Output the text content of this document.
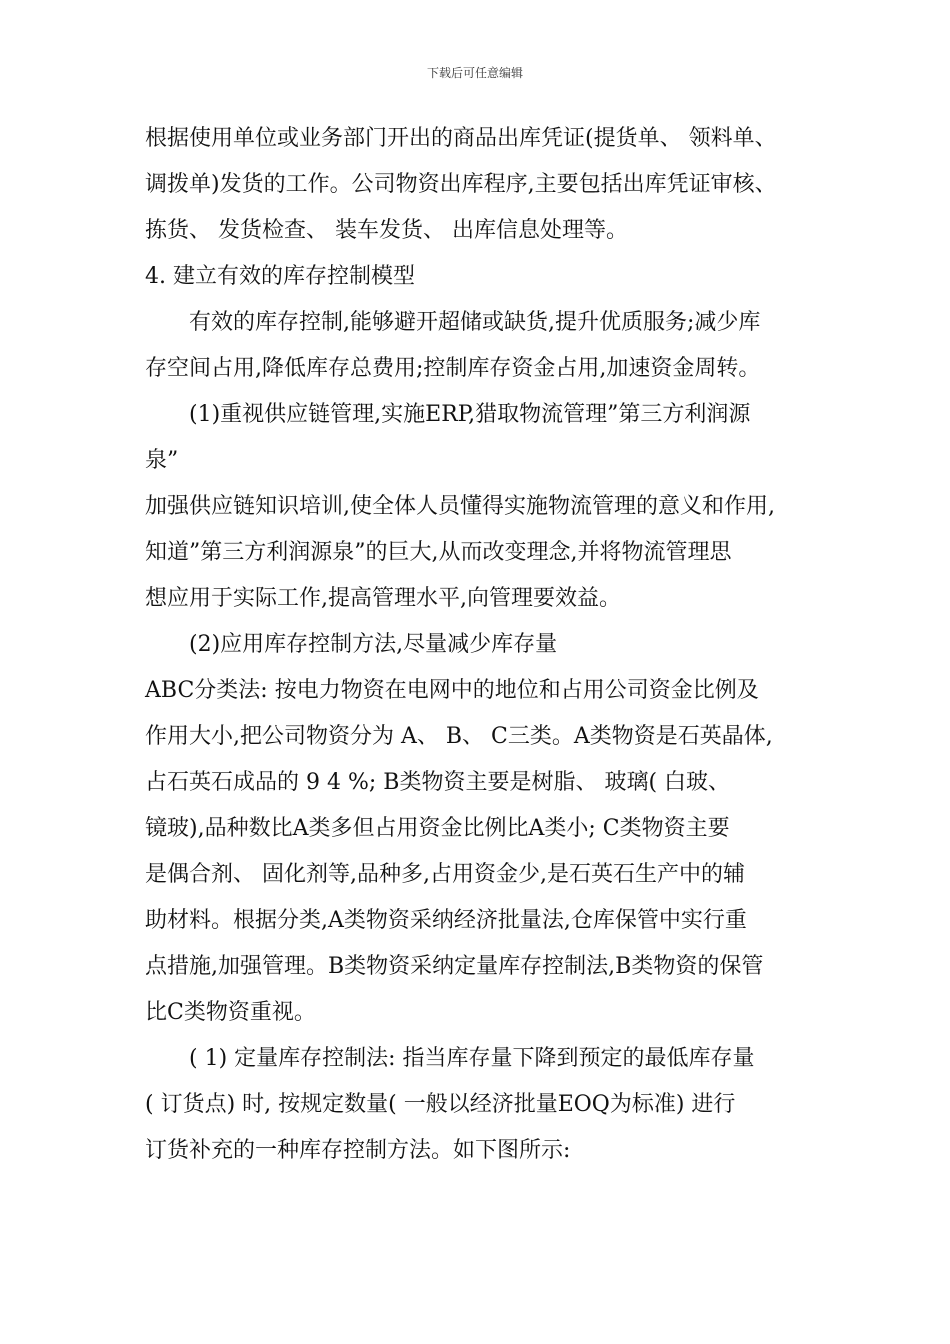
下载后可任意编辑
根据使用单位或业务部门开出的商品出库凭证(提货单、 领料单、
调拨单)发货的工作。公司物资出库程序,主要包括出库凭证审核、
拣货、 发货检查、 装车发货、 出库信息处理等。
4. 建立有效的库存控制模型
有效的库存控制,能够避开超储或缺货,提升优质服务;减少库
存空间占用,降低库存总费用;控制库存资金占用,加速资金周转。
(1)重视供应链管理,实施ERP,猎取物流管理”第三方利润源
泉”
加强供应链知识培训,使全体人员懂得实施物流管理的意义和作用,
知道”第三方利润源泉”的巨大,从而改变理念,并将物流管理思
想应用于实际工作,提高管理水平,向管理要效益。
(2)应用库存控制方法,尽量减少库存量
ABC分类法: 按电力物资在电网中的地位和占用公司资金比例及
作用大小,把公司物资分为 A、 B、 C三类。A类物资是石英晶体,
占石英石成品的 9 4 %; B类物资主要是树脂、 玻璃( 白玻、
镜玻),品种数比A类多但占用资金比例比A类小; C类物资主要
是偶合剂、 固化剂等,品种多,占用资金少,是石英石生产中的辅
助材料。根据分类,A类物资采纳经济批量法,仓库保管中实行重
点措施,加强管理。B类物资采纳定量库存控制法,B类物资的保管
比C类物资重视。
( 1) 定量库存控制法: 指当库存量下降到预定的最低库存量
( 订货点) 时, 按规定数量( 一般以经济批量EOQ为标准) 进行
订货补充的一种库存控制方法。如下图所示:
